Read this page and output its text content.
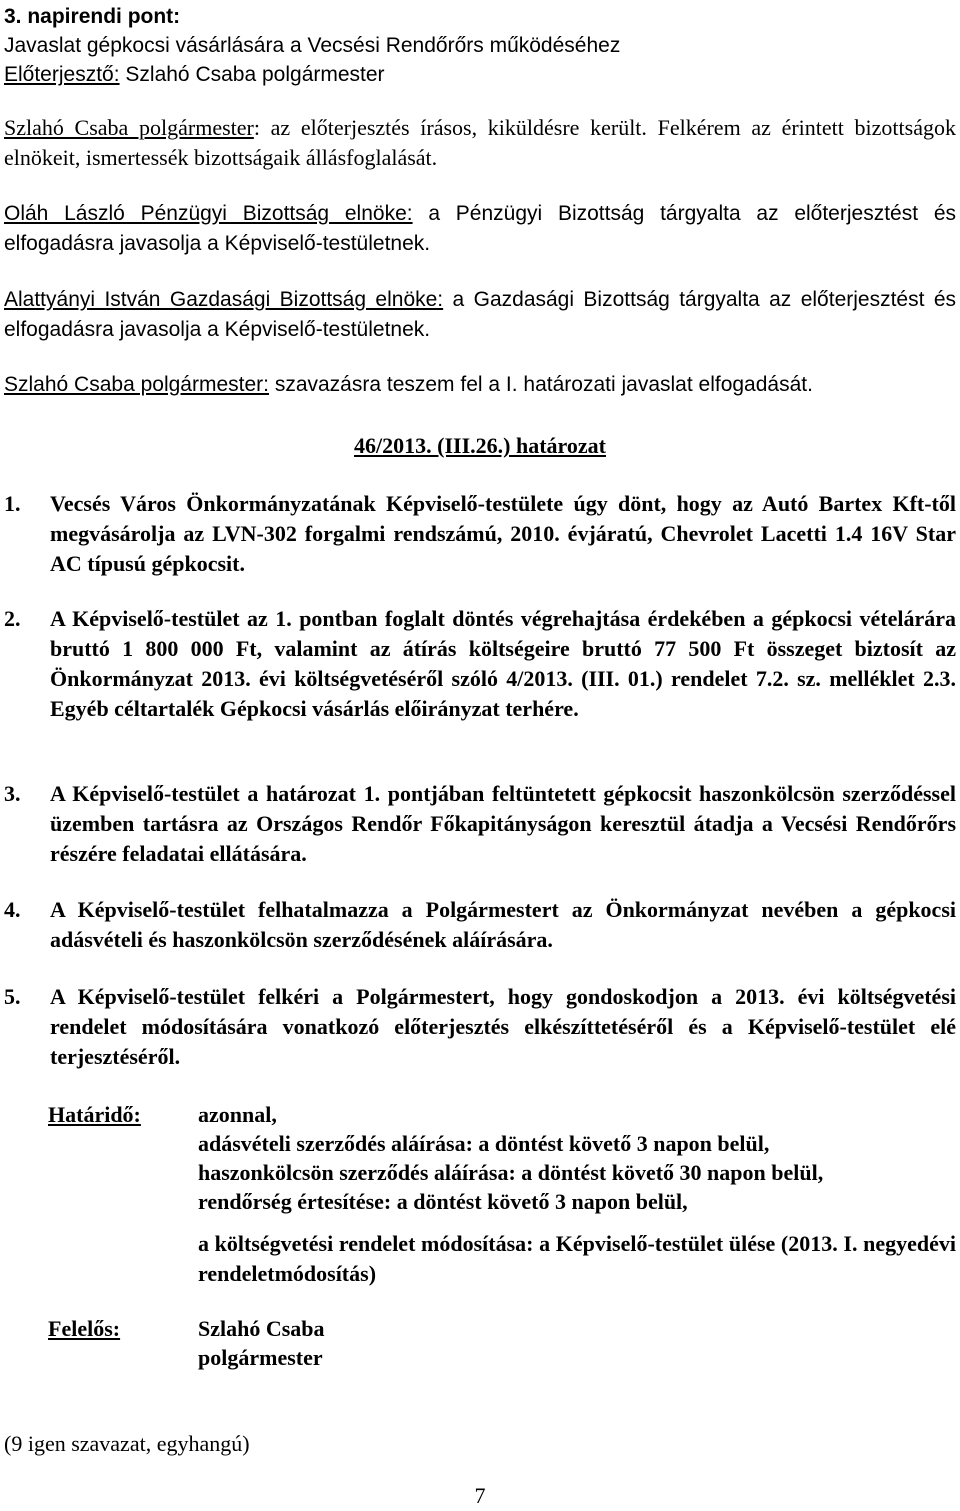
3. napirendi pont:
Javaslat gépkocsi vásárlására a Vecsési Rendőrőrs működéséhez
Előterjesztő: Szlahó Csaba polgármester

Szlahó Csaba polgármester: az előterjesztés írásos, kiküldésre került. Felkérem az érintett bizottságok elnökeit, ismertessék bizottságaik állásfoglalását.

Oláh László Pénzügyi Bizottság elnöke: a Pénzügyi Bizottság tárgyalta az előterjesztést és elfogadásra javasolja a Képviselő-testületnek.

Alattyányi István Gazdasági Bizottság elnöke: a Gazdasági Bizottság tárgyalta az előterjesztést és elfogadásra javasolja a Képviselő-testületnek.

Szlahó Csaba polgármester: szavazásra teszem fel a I. határozati javaslat elfogadását.

46/2013. (III.26.) határozat
1. Vecsés Város Önkormányzatának Képviselő-testülete úgy dönt, hogy az Autó Bartex Kft-től megvásárolja az LVN-302 forgalmi rendszámú, 2010. évjáratú, Chevrolet Lacetti 1.4 16V Star AC típusú gépkocsit.
2. A Képviselő-testület az 1. pontban foglalt döntés végrehajtása érdekében a gépkocsi vételárára bruttó 1 800 000 Ft, valamint az átírás költségeire bruttó 77 500 Ft összeget biztosít az Önkormányzat 2013. évi költségvetéséről szóló 4/2013. (III. 01.) rendelet 7.2. sz. melléklet 2.3. Egyéb céltartalék Gépkocsi vásárlás előirányzat terhére.
3. A Képviselő-testület a határozat 1. pontjában feltüntetett gépkocsit haszonkölcsön szerződéssel üzemben tartásra az Országos Rendőr Főkapitányságon keresztül átadja a Vecsési Rendőrőrs részére feladatai ellátására.
4. A Képviselő-testület felhatalmazza a Polgármestert az Önkormányzat nevében a gépkocsi adásvételi és haszonkölcsön szerződésének aláírására.
5. A Képviselő-testület felkéri a Polgármestert, hogy gondoskodjon a 2013. évi költségvetési rendelet módosítására vonatkozó előterjesztés elkészíttetéséről és a Képviselő-testület elé terjesztéséről.
Határidő:	azonnal,
adásvételi szerződés aláírása: a döntést követő 3 napon belül,
haszonkölcsön szerződés aláírása: a döntést követő 30 napon belül,
rendőrség értesítése: a döntést követő 3 napon belül,
a költségvetési rendelet módosítása: a Képviselő-testület ülése (2013. I. negyedévi rendeletmódosítás)
Felelős:	Szlahó Csaba
polgármester
(9 igen szavazat, egyhangú)
7
